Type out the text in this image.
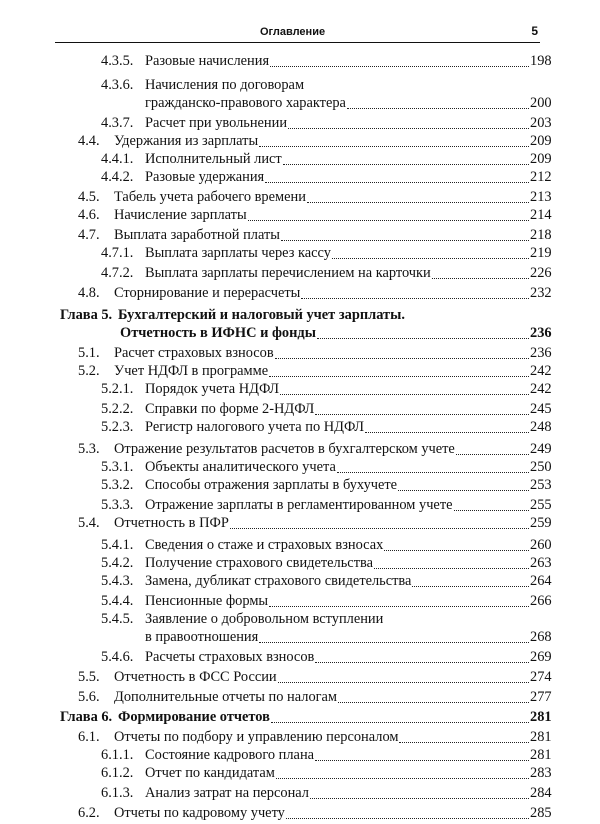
Оглавление	5
4.3.5. Разовые начисления	198
4.3.6. Начисления по договорам
гражданско-правового характера	200
4.3.7. Расчет при увольнении	203
4.4. Удержания из зарплаты	209
4.4.1. Исполнительный лист	209
4.4.2. Разовые удержания	212
4.5. Табель учета рабочего времени	213
4.6. Начисление зарплаты	214
4.7. Выплата заработной платы	218
4.7.1. Выплата зарплаты через кассу	219
4.7.2. Выплата зарплаты перечислением на карточки	226
4.8. Сторнирование и перерасчеты	232
Глава 5. Бухгалтерский и налоговый учет зарплаты.
Отчетность в ИФНС и фонды	236
5.1. Расчет страховых взносов	236
5.2. Учет НДФЛ в программе	242
5.2.1. Порядок учета НДФЛ	242
5.2.2. Справки по форме 2-НДФЛ	245
5.2.3. Регистр налогового учета по НДФЛ	248
5.3. Отражение результатов расчетов в бухгалтерском учете	249
5.3.1. Объекты аналитического учета	250
5.3.2. Способы отражения зарплаты в бухучете	253
5.3.3. Отражение зарплаты в регламентированном учете	255
5.4. Отчетность в ПФР	259
5.4.1. Сведения о стаже и страховых взносах	260
5.4.2. Получение страхового свидетельства	263
5.4.3. Замена, дубликат страхового свидетельства	264
5.4.4. Пенсионные формы	266
5.4.5. Заявление о добровольном вступлении
в правоотношения	268
5.4.6. Расчеты страховых взносов	269
5.5. Отчетность в ФСС России	274
5.6. Дополнительные отчеты по налогам	277
Глава 6. Формирование отчетов	281
6.1. Отчеты по подбору и управлению персоналом	281
6.1.1. Состояние кадрового плана	281
6.1.2. Отчет по кандидатам	283
6.1.3. Анализ затрат на персонал	284
6.2. Отчеты по кадровому учету	285
